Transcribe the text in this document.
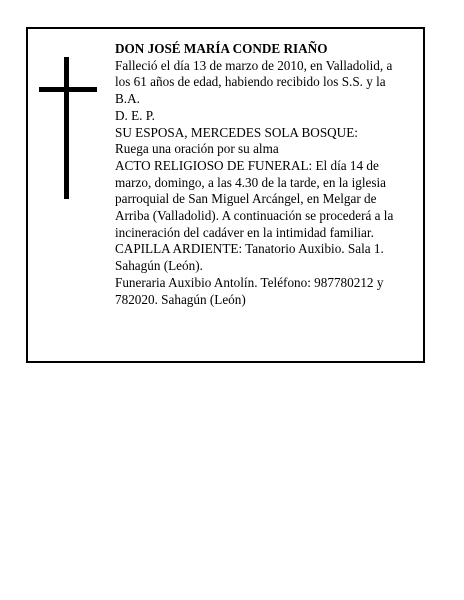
DON JOSÉ MARÍA CONDE RIAÑO

Falleció el día 13 de marzo de 2010, en Valladolid, a los 61 años de edad, habiendo recibido los S.S. y la B.A.

D. E. P.

SU ESPOSA, MERCEDES SOLA BOSQUE:

Ruega una oración por su alma

ACTO RELIGIOSO DE FUNERAL: El día 14 de marzo, domingo, a las 4.30 de la tarde, en la iglesia parroquial de San Miguel Arcángel, en Melgar de Arriba (Valladolid). A continuación se procederá a la incineración del cadáver en la intimidad familiar.

CAPILLA ARDIENTE: Tanatorio Auxibio. Sala 1. Sahagún (León).

Funeraria Auxibio Antolín. Teléfono: 987780212 y 782020. Sahagún (León)
